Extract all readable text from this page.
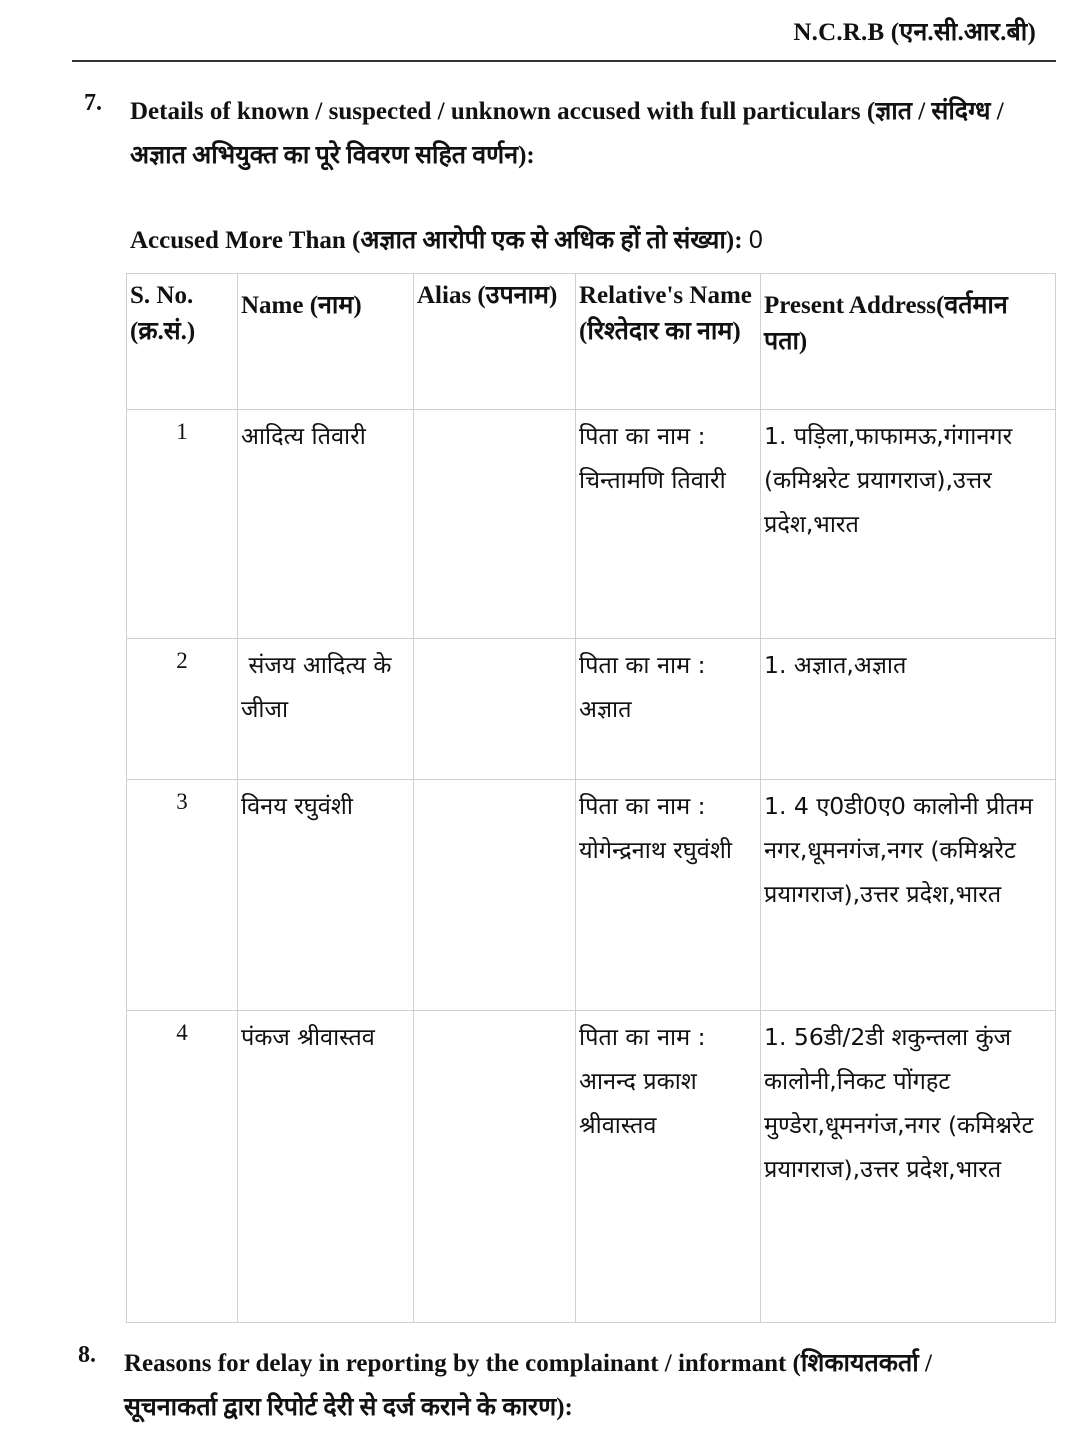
N.C.R.B (एन.सी.आर.बी)
7. Details of known / suspected / unknown accused with full particulars (ज्ञात / संदिग्ध / अज्ञात अभियुक्त का पूरे विवरण सहित वर्णन):
Accused More Than (अज्ञात आरोपी एक से अधिक हों तो संख्या): 0
S. No. (क्र.सं.)	Name (नाम)	Alias (उपनाम)	Relative's Name (रिश्तेदार का नाम)	Present Address(वर्तमान पता)
1	आदित्य तिवारी		पिता का नाम : चिन्तामणि तिवारी	1. पड़िला,फाफामऊ,गंगानगर (कमिश्नरेट प्रयागराज),उत्तर प्रदेश,भारत
2	संजय आदित्य के जीजा		पिता का नाम : अज्ञात	1. अज्ञात,अज्ञात
3	विनय रघुवंशी		पिता का नाम : योगेन्द्रनाथ रघुवंशी	1. 4 ए0डी0ए0 कालोनी प्रीतम नगर,धूमनगंज,नगर (कमिश्नरेट प्रयागराज),उत्तर प्रदेश,भारत
4	पंकज श्रीवास्तव		पिता का नाम : आनन्द प्रकाश श्रीवास्तव	1. 56डी/2डी शकुन्तला कुंज कालोनी,निकट पोंगहट मुण्डेरा,धूमनगंज,नगर (कमिश्नरेट प्रयागराज),उत्तर प्रदेश,भारत
8. Reasons for delay in reporting by the complainant / informant (शिकायतकर्ता / सूचनाकर्ता द्वारा रिपोर्ट देरी से दर्ज कराने के कारण):
